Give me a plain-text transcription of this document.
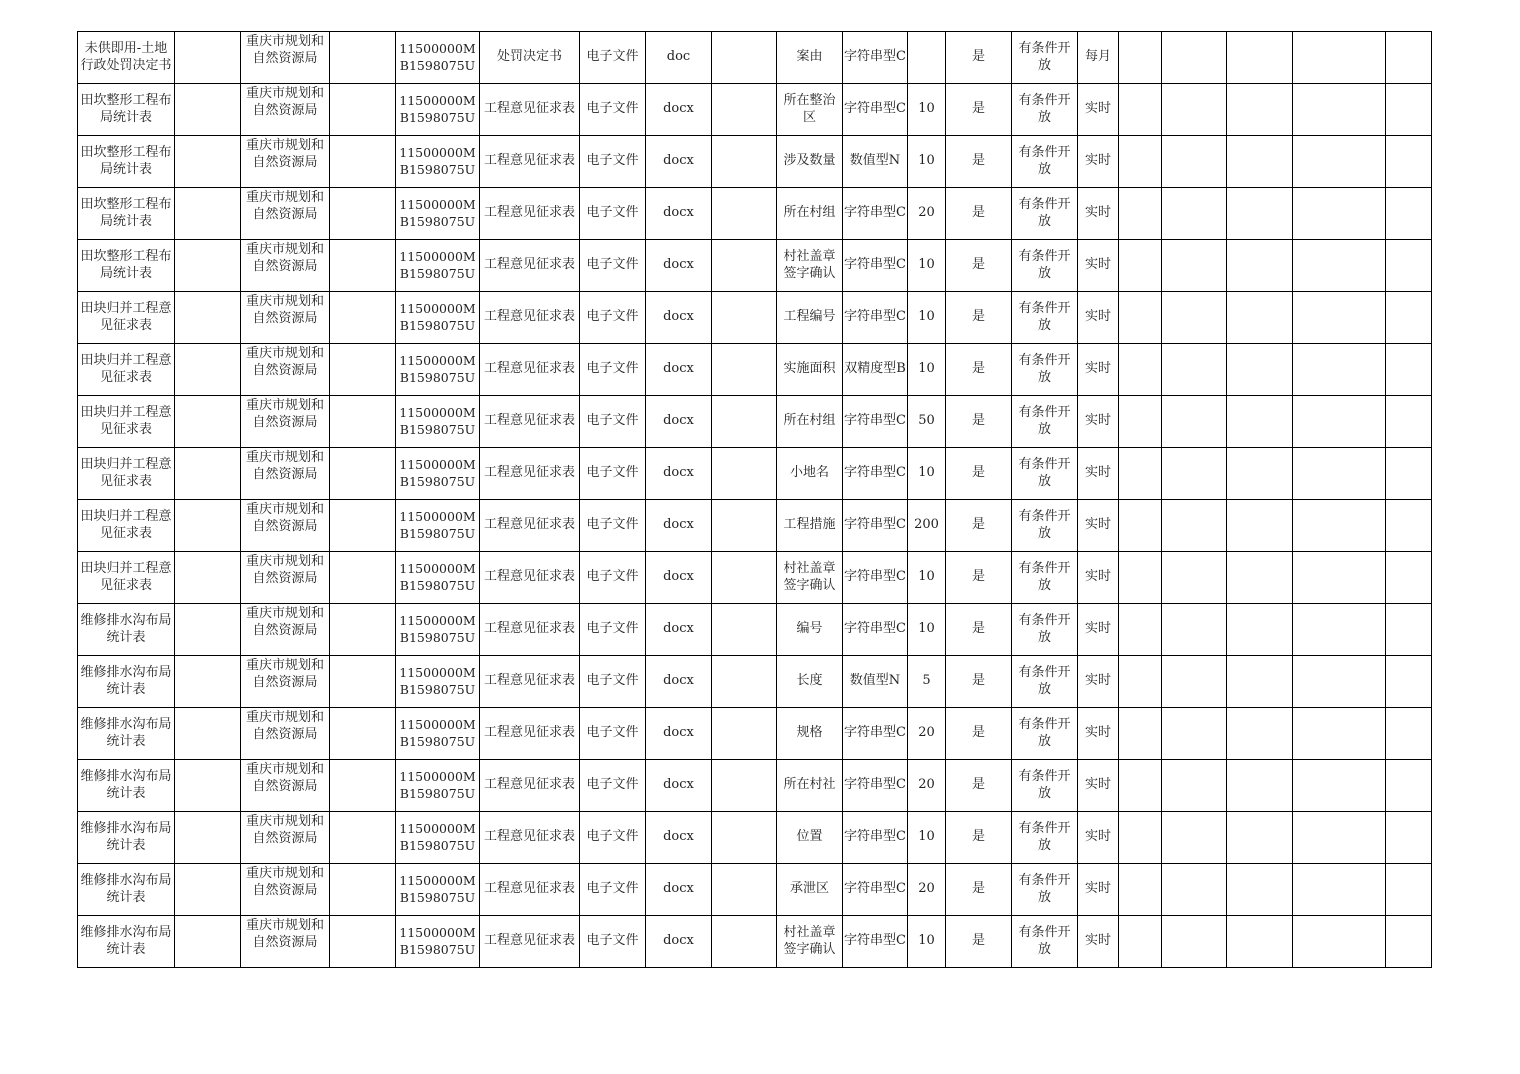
未供即用-土地行政处罚决定书		重庆市规划和自然资源局		11500000MB1598075U	处罚决定书	电子文件	doc		案由	字符串型C		是	有条件开放	每月					
田坎整形工程布局统计表		重庆市规划和自然资源局		11500000MB1598075U	工程意见征求表	电子文件	docx		所在整治区	字符串型C	10	是	有条件开放	实时					
田坎整形工程布局统计表		重庆市规划和自然资源局		11500000MB1598075U	工程意见征求表	电子文件	docx		涉及数量	数值型N	10	是	有条件开放	实时					
田坎整形工程布局统计表		重庆市规划和自然资源局		11500000MB1598075U	工程意见征求表	电子文件	docx		所在村组	字符串型C	20	是	有条件开放	实时					
田坎整形工程布局统计表		重庆市规划和自然资源局		11500000MB1598075U	工程意见征求表	电子文件	docx		村社盖章签字确认	字符串型C	10	是	有条件开放	实时					
田块归并工程意见征求表		重庆市规划和自然资源局		11500000MB1598075U	工程意见征求表	电子文件	docx		工程编号	字符串型C	10	是	有条件开放	实时					
田块归并工程意见征求表		重庆市规划和自然资源局		11500000MB1598075U	工程意见征求表	电子文件	docx		实施面积	双精度型B	10	是	有条件开放	实时					
田块归并工程意见征求表		重庆市规划和自然资源局		11500000MB1598075U	工程意见征求表	电子文件	docx		所在村组	字符串型C	50	是	有条件开放	实时					
田块归并工程意见征求表		重庆市规划和自然资源局		11500000MB1598075U	工程意见征求表	电子文件	docx		小地名	字符串型C	10	是	有条件开放	实时					
田块归并工程意见征求表		重庆市规划和自然资源局		11500000MB1598075U	工程意见征求表	电子文件	docx		工程措施	字符串型C	200	是	有条件开放	实时					
田块归并工程意见征求表		重庆市规划和自然资源局		11500000MB1598075U	工程意见征求表	电子文件	docx		村社盖章签字确认	字符串型C	10	是	有条件开放	实时					
维修排水沟布局统计表		重庆市规划和自然资源局		11500000MB1598075U	工程意见征求表	电子文件	docx		编号	字符串型C	10	是	有条件开放	实时					
维修排水沟布局统计表		重庆市规划和自然资源局		11500000MB1598075U	工程意见征求表	电子文件	docx		长度	数值型N	5	是	有条件开放	实时					
维修排水沟布局统计表		重庆市规划和自然资源局		11500000MB1598075U	工程意见征求表	电子文件	docx		规格	字符串型C	20	是	有条件开放	实时					
维修排水沟布局统计表		重庆市规划和自然资源局		11500000MB1598075U	工程意见征求表	电子文件	docx		所在村社	字符串型C	20	是	有条件开放	实时					
维修排水沟布局统计表		重庆市规划和自然资源局		11500000MB1598075U	工程意见征求表	电子文件	docx		位置	字符串型C	10	是	有条件开放	实时					
维修排水沟布局统计表		重庆市规划和自然资源局		11500000MB1598075U	工程意见征求表	电子文件	docx		承泄区	字符串型C	20	是	有条件开放	实时					
维修排水沟布局统计表		重庆市规划和自然资源局		11500000MB1598075U	工程意见征求表	电子文件	docx		村社盖章签字确认	字符串型C	10	是	有条件开放	实时					
